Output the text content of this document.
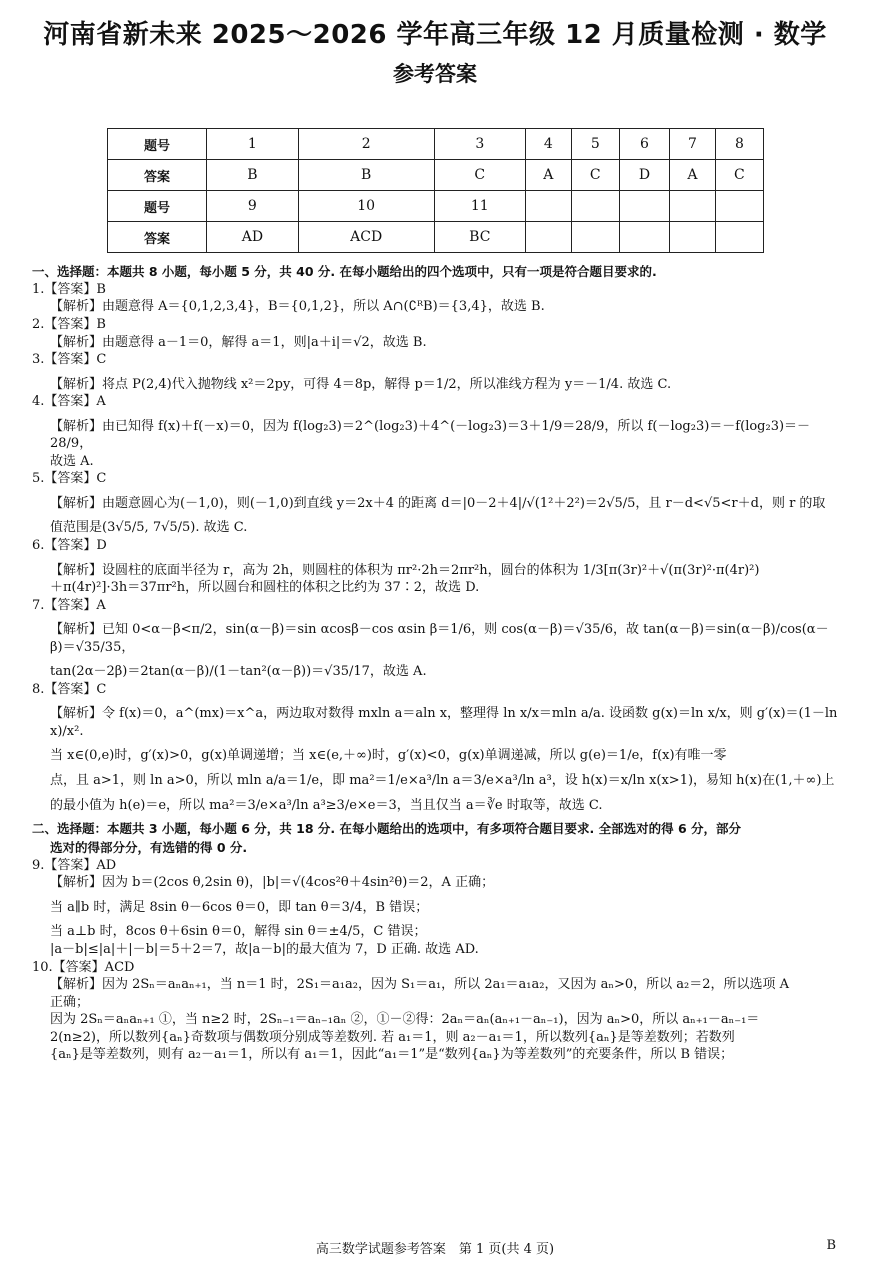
河南省新未来 2025～2026 学年高三年级 12 月质量检测 · 数学
参考答案
题号	1	2	3	4	5	6	7	8
答案	B	B	C	A	C	D	A	C
题号	9	10	11					
答案	AD	ACD	BC					

一、选择题：本题共 8 小题，每小题 5 分，共 40 分. 在每小题给出的四个选项中，只有一项是符合题目要求的.

1.【答案】B

【解析】由题意得 A＝{0,1,2,3,4}，B＝{0,1,2}，所以 A∩(∁ᴿB)＝{3,4}，故选 B.

2.【答案】B

【解析】由题意得 a－1＝0，解得 a＝1，则|a＋i|＝√2，故选 B.

3.【答案】C

【解析】将点 P(2,4)代入抛物线 x²＝2py，可得 4＝8p，解得 p＝1/2，所以准线方程为 y＝－1/4. 故选 C.

4.【答案】A

【解析】由已知得 f(x)＋f(－x)＝0，因为 f(log₂3)＝2^(log₂3)＋4^(－log₂3)＝3＋1/9＝28/9，所以 f(－log₂3)＝－f(log₂3)＝－28/9，

故选 A.

5.【答案】C

【解析】由题意圆心为(－1,0)，则(－1,0)到直线 y＝2x＋4 的距离 d＝|0－2＋4|/√(1²＋2²)＝2√5/5，且 r－d<√5<r＋d，则 r 的取

值范围是(3√5/5, 7√5/5). 故选 C.

6.【答案】D

【解析】设圆柱的底面半径为 r，高为 2h，则圆柱的体积为 πr²·2h＝2πr²h，圆台的体积为 1/3[π(3r)²＋√(π(3r)²·π(4r)²)

＋π(4r)²]·3h＝37πr²h，所以圆台和圆柱的体积之比约为 37∶2，故选 D.

7.【答案】A

【解析】已知 0<α－β<π/2，sin(α－β)＝sin αcosβ－cos αsin β＝1/6，则 cos(α－β)＝√35/6，故 tan(α－β)＝sin(α－β)/cos(α－β)＝√35/35，

tan(2α－2β)＝2tan(α－β)/(1－tan²(α－β))＝√35/17，故选 A.

8.【答案】C

【解析】令 f(x)＝0，a^(mx)＝x^a，两边取对数得 mxln a＝aln x，整理得 ln x/x＝mln a/a. 设函数 g(x)＝ln x/x，则 g′(x)＝(1－ln x)/x².

当 x∈(0,e)时，g′(x)>0，g(x)单调递增；当 x∈(e,＋∞)时，g′(x)<0，g(x)单调递减，所以 g(e)＝1/e，f(x)有唯一零

点，且 a>1，则 ln a>0，所以 mln a/a＝1/e，即 ma²＝1/e×a³/ln a＝3/e×a³/ln a³，设 h(x)＝x/ln x(x>1)，易知 h(x)在(1,＋∞)上

的最小值为 h(e)＝e，所以 ma²＝3/e×a³/ln a³≥3/e×e＝3，当且仅当 a＝∛e 时取等，故选 C.

二、选择题：本题共 3 小题，每小题 6 分，共 18 分. 在每小题给出的选项中，有多项符合题目要求. 全部选对的得 6 分，部分

选对的得部分分，有选错的得 0 分.

9.【答案】AD

【解析】因为 b＝(2cos θ,2sin θ)，|b|＝√(4cos²θ＋4sin²θ)＝2，A 正确；

当 a∥b 时，满足 8sin θ－6cos θ＝0，即 tan θ＝3/4，B 错误；

当 a⊥b 时，8cos θ＋6sin θ＝0，解得 sin θ＝±4/5，C 错误；

|a－b|≤|a|＋|－b|＝5＋2＝7，故|a－b|的最大值为 7，D 正确. 故选 AD.

10.【答案】ACD

【解析】因为 2Sₙ＝aₙaₙ₊₁，当 n＝1 时，2S₁＝a₁a₂，因为 S₁＝a₁，所以 2a₁＝a₁a₂，又因为 aₙ>0，所以 a₂＝2，所以选项 A

正确；

因为 2Sₙ＝aₙaₙ₊₁ ①，当 n≥2 时，2Sₙ₋₁＝aₙ₋₁aₙ ②，①－②得：2aₙ＝aₙ(aₙ₊₁－aₙ₋₁)，因为 aₙ>0，所以 aₙ₊₁－aₙ₋₁＝

2(n≥2)，所以数列{aₙ}奇数项与偶数项分别成等差数列. 若 a₁＝1，则 a₂－a₁＝1，所以数列{aₙ}是等差数列；若数列

{aₙ}是等差数列，则有 a₂－a₁＝1，所以有 a₁＝1，因此“a₁＝1”是“数列{aₙ}为等差数列”的充要条件，所以 B 错误；

高三数学试题参考答案　第 1 页(共 4 页)	B
